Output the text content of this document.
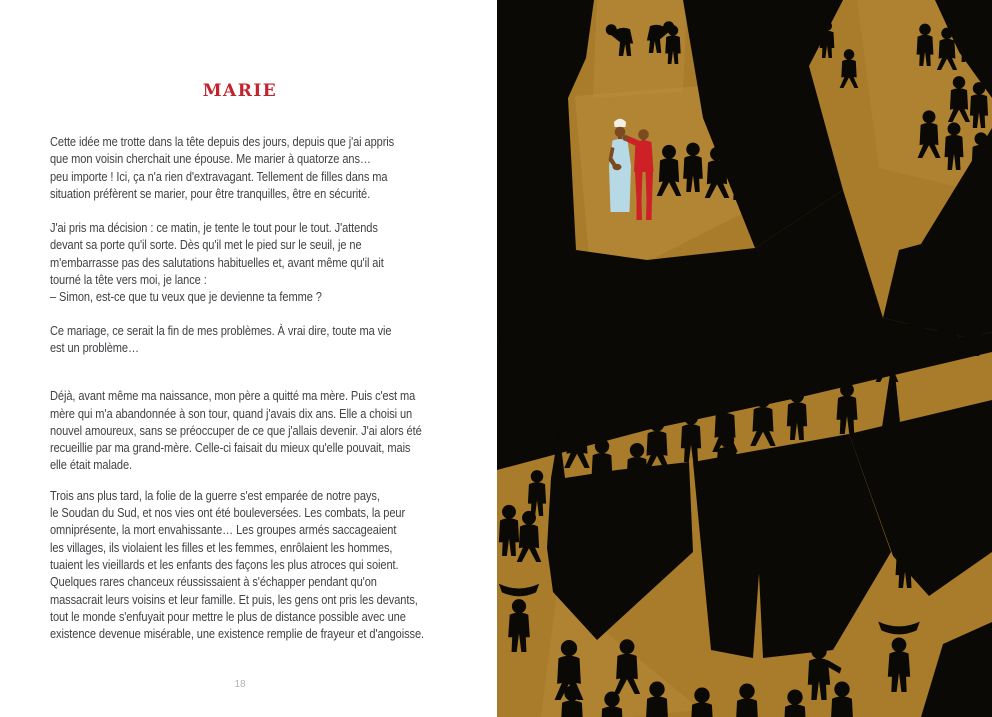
MARIE
Cette idée me trotte dans la tête depuis des jours, depuis que j'ai appris
que mon voisin cherchait une épouse. Me marier à quatorze ans…
peu importe ! Ici, ça n'a rien d'extravagant. Tellement de filles dans ma
situation préfèrent se marier, pour être tranquilles, être en sécurité.
J'ai pris ma décision : ce matin, je tente le tout pour le tout. J'attends
devant sa porte qu'il sorte. Dès qu'il met le pied sur le seuil, je ne
m'embarrasse pas des salutations habituelles et, avant même qu'il ait
tourné la tête vers moi, je lance :
– Simon, est-ce que tu veux que je devienne ta femme ?
Ce mariage, ce serait la fin de mes problèmes. À vrai dire, toute ma vie
est un problème…
Déjà, avant même ma naissance, mon père a quitté ma mère. Puis c'est ma
mère qui m'a abandonnée à son tour, quand j'avais dix ans. Elle a choisi un
nouvel amoureux, sans se préoccuper de ce que j'allais devenir. J'ai alors été
recueillie par ma grand-mère. Celle-ci faisait du mieux qu'elle pouvait, mais
elle était malade.
Trois ans plus tard, la folie de la guerre s'est emparée de notre pays,
le Soudan du Sud, et nos vies ont été bouleversées. Les combats, la peur
omniprésente, la mort envahissante… Les groupes armés saccageaient
les villages, ils violaient les filles et les femmes, enrôlaient les hommes,
tuaient les vieillards et les enfants des façons les plus atroces qui soient.
Quelques rares chanceux réussissaient à s'échapper pendant qu'on
massacrait leurs voisins et leur famille. Et puis, les gens ont pris les devants,
tout le monde s'enfuyait pour mettre le plus de distance possible avec une
existence devenue misérable, une existence remplie de frayeur et d'angoisse.
18
